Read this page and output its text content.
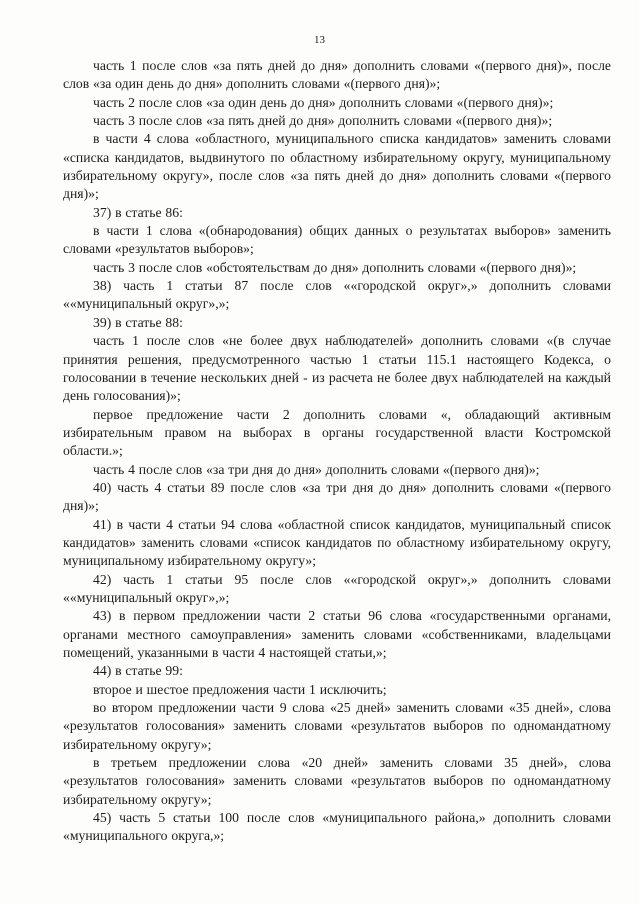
13

часть 1 после слов «за пять дней до дня» дополнить словами «(первого дня)», после слов «за один день до дня» дополнить словами «(первого дня)»;

часть 2 после слов «за один день до дня» дополнить словами «(первого дня)»;

часть 3 после слов «за пять дней до дня» дополнить словами «(первого дня)»;

в части 4 слова «областного, муниципального списка кандидатов» заменить словами «списка кандидатов, выдвинутого по областному избирательному округу, муниципальному избирательному округу», после слов «за пять дней до дня» дополнить словами «(первого дня)»;

37) в статье 86:

в части 1 слова «(обнародования) общих данных о результатах выборов» заменить словами «результатов выборов»;

часть 3 после слов «обстоятельствам до дня» дополнить словами «(первого дня)»;

38) часть 1 статьи 87 после слов ««городской округ»,» дополнить словами ««муниципальный округ»,»;

39) в статье 88:

часть 1 после слов «не более двух наблюдателей» дополнить словами «(в случае принятия решения, предусмотренного частью 1 статьи 115.1 настоящего Кодекса, о голосовании в течение нескольких дней - из расчета не более двух наблюдателей на каждый день голосования)»;

первое предложение части 2 дополнить словами «, обладающий активным избирательным правом на выборах в органы государственной власти Костромской области.»;

часть 4 после слов «за три дня до дня» дополнить словами «(первого дня)»;

40) часть 4 статьи 89 после слов «за три дня до дня» дополнить словами «(первого дня)»;

41) в части 4 статьи 94 слова «областной список кандидатов, муниципальный список кандидатов» заменить словами «список кандидатов по областному избирательному округу, муниципальному избирательному округу»;

42) часть 1 статьи 95 после слов ««городской округ»,» дополнить словами ««муниципальный округ»,»;

43) в первом предложении части 2 статьи 96 слова «государственными органами, органами местного самоуправления» заменить словами «собственниками, владельцами помещений, указанными в части 4 настоящей статьи,»;

44) в статье 99:

второе и шестое предложения части 1 исключить;

во втором предложении части 9 слова «25 дней» заменить словами «35 дней», слова «результатов голосования» заменить словами «результатов выборов по одномандатному избирательному округу»;

в третьем предложении слова «20 дней» заменить словами 35 дней», слова «результатов голосования» заменить словами «результатов выборов по одномандатному избирательному округу»;

45) часть 5 статьи 100 после слов «муниципального района,» дополнить словами «муниципального округа,»;
